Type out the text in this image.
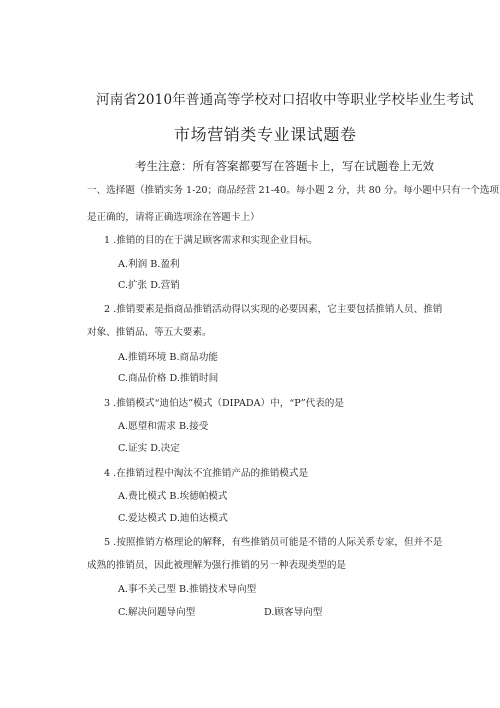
河南省2010年普通高等学校对口招收中等职业学校毕业生考试
市场营销类专业课试题卷
考生注意：所有答案都要写在答题卡上，写在试题卷上无效
一、选择题（推销实务 1-20；商品经营 21-40。每小题 2 分，共 80 分。每小题中只有一个选项
是正确的，请将正确选项涂在答题卡上）
1 .推销的目的在于满足顾客需求和实现企业目标。
A.利润 B.盈利
C.扩张 D.营销
2 .推销要素是指商品推销活动得以实现的必要因素，它主要包括推销人员、推销
对象、推销品、等五大要素。
A.推销环境 B.商品功能
C.商品价格 D.推销时间
3 .推销模式“迪伯达”模式（DIPADA）中，“P”代表的是
A.愿望和需求 B.接受
C.证实 D.决定
4 .在推销过程中淘汰不宜推销产品的推销模式是
A.费比模式 B.埃德帕模式
C.爱达模式 D.迪伯达模式
5 .按照推销方格理论的解释，有些推销员可能是不错的人际关系专家，但并不是
成熟的推销员，因此被理解为强行推销的另一种表现类型的是
A.事不关己型 B.推销技术导向型
C.解决问题导向型	D.顾客导向型
